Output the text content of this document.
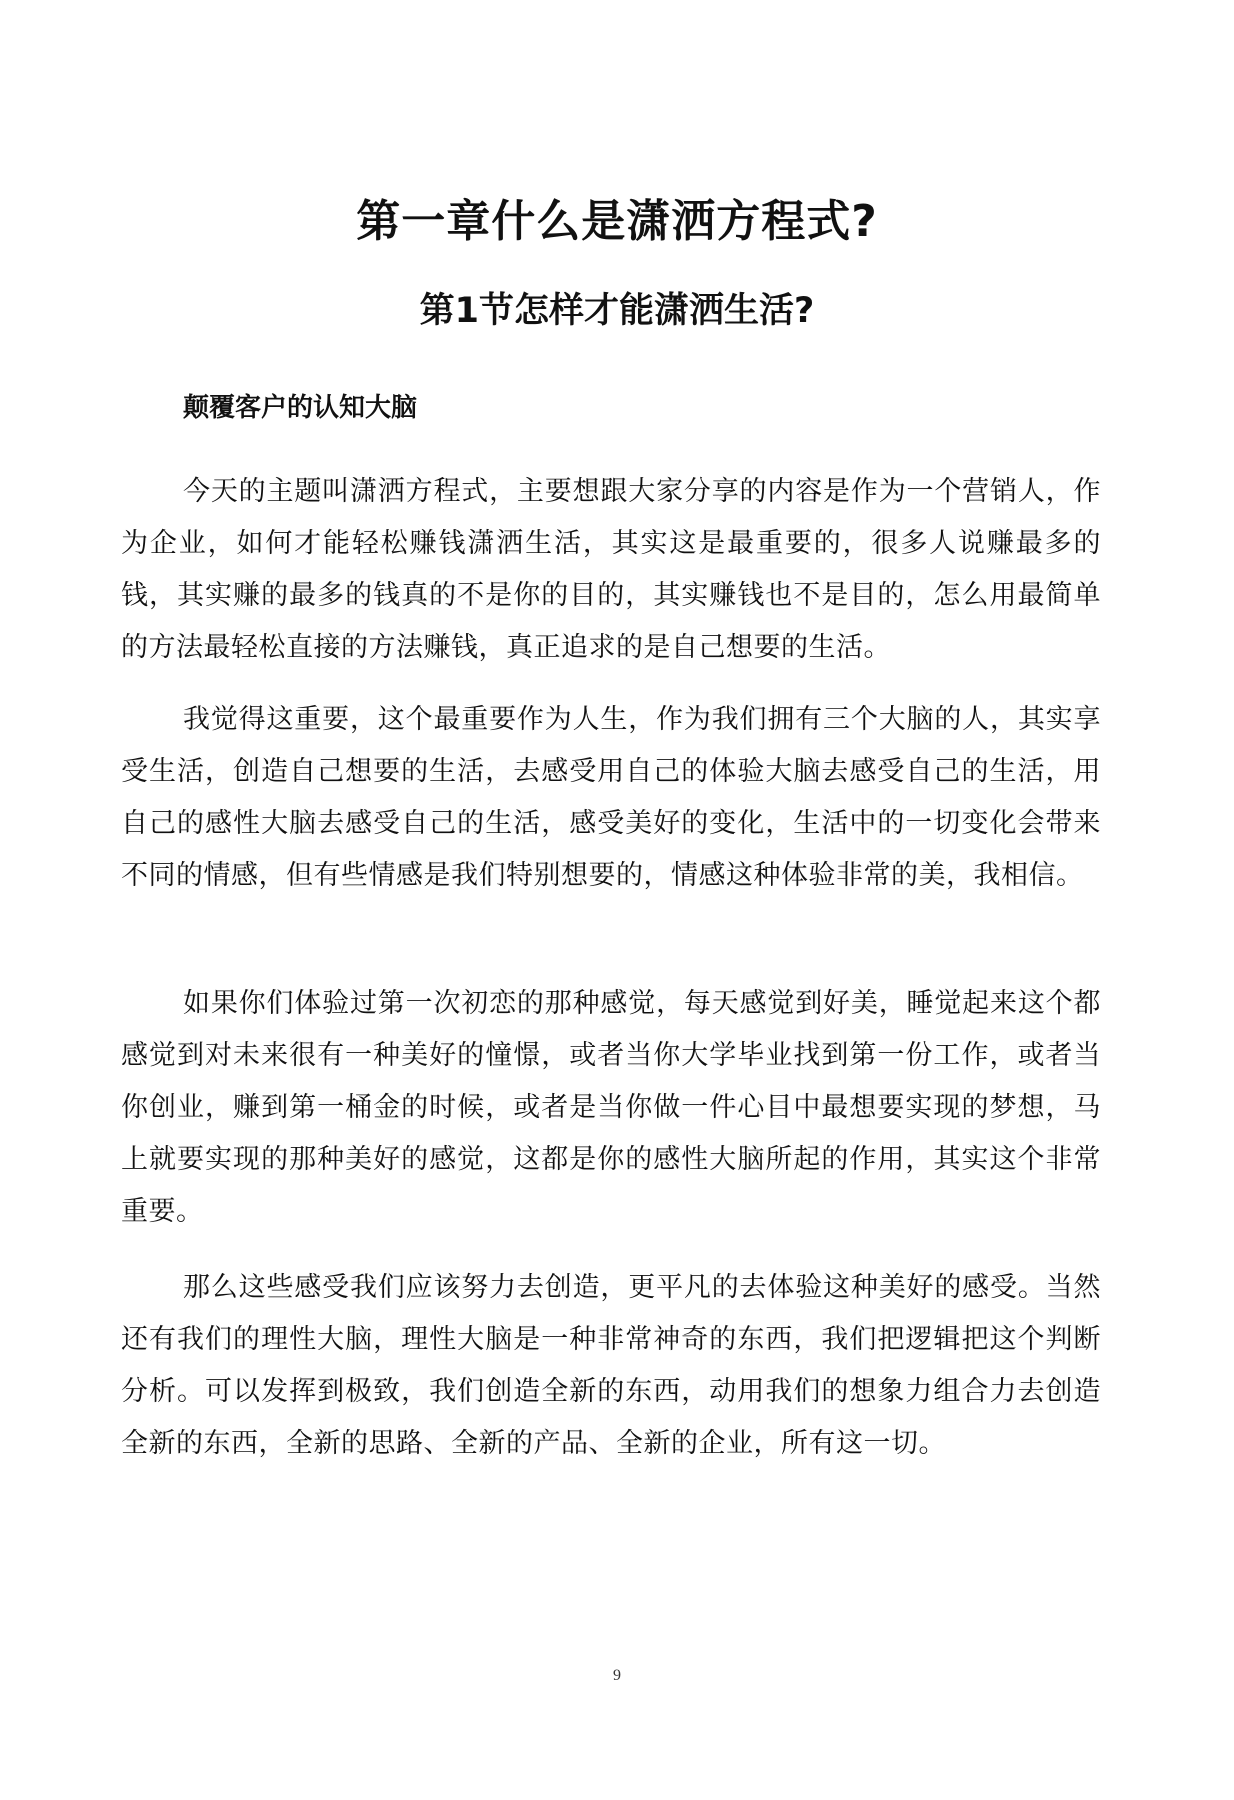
第一章什么是潇洒方程式?
第1节怎样才能潇洒生活?
颠覆客户的认知大脑

今天的主题叫潇洒方程式，主要想跟大家分享的内容是作为一个营销人，作为企业，如何才能轻松赚钱潇洒生活，其实这是最重要的，很多人说赚最多的钱，其实赚的最多的钱真的不是你的目的，其实赚钱也不是目的，怎么用最简单的方法最轻松直接的方法赚钱，真正追求的是自己想要的生活。

我觉得这重要，这个最重要作为人生，作为我们拥有三个大脑的人，其实享受生活，创造自己想要的生活，去感受用自己的体验大脑去感受自己的生活，用自己的感性大脑去感受自己的生活，感受美好的变化，生活中的一切变化会带来不同的情感，但有些情感是我们特别想要的，情感这种体验非常的美，我相信。

如果你们体验过第一次初恋的那种感觉，每天感觉到好美，睡觉起来这个都感觉到对未来很有一种美好的憧憬，或者当你大学毕业找到第一份工作，或者当你创业，赚到第一桶金的时候，或者是当你做一件心目中最想要实现的梦想，马上就要实现的那种美好的感觉，这都是你的感性大脑所起的作用，其实这个非常重要。

那么这些感受我们应该努力去创造，更平凡的去体验这种美好的感受。当然还有我们的理性大脑，理性大脑是一种非常神奇的东西，我们把逻辑把这个判断分析。可以发挥到极致，我们创造全新的东西，动用我们的想象力组合力去创造全新的东西，全新的思路、全新的产品、全新的企业，所有这一切。

9
